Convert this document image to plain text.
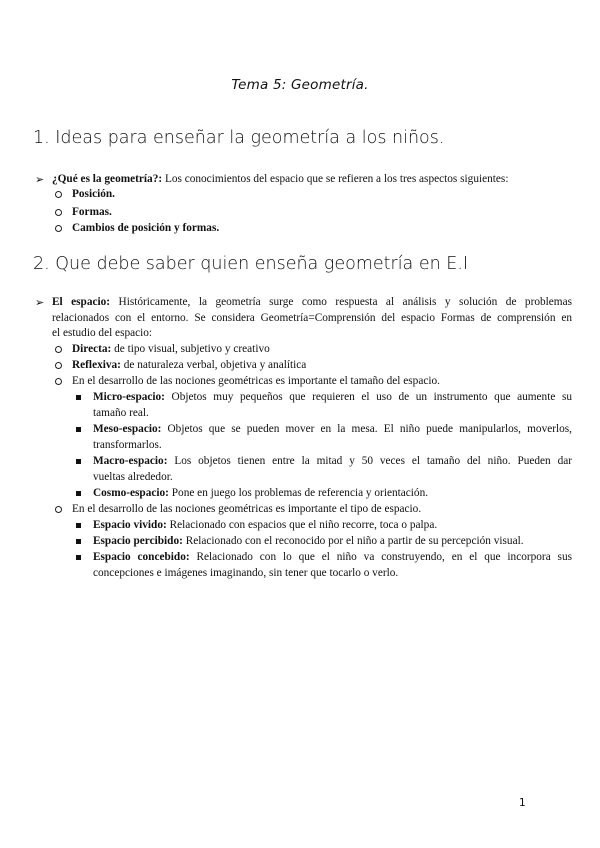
Tema 5: Geometría.
1. Ideas para enseñar la geometría a los niños.
➢ ¿Qué es la geometría?: Los conocimientos del espacio que se refieren a los tres aspectos siguientes:
Posición.
Formas.
Cambios de posición y formas.
2. Que debe saber quien enseña geometría en E.I
➢ El espacio: Históricamente, la geometría surge como respuesta al análisis y solución de problemas
relacionados con el entorno. Se considera Geometría=Comprensión del espacio Formas de comprensión en
el estudio del espacio:
Directa: de tipo visual, subjetivo y creativo
Reflexiva: de naturaleza verbal, objetiva y analítica
En el desarrollo de las nociones geométricas es importante el tamaño del espacio.
Micro-espacio: Objetos muy pequeños que requieren el uso de un instrumento que aumente su
tamaño real.
Meso-espacio: Objetos que se pueden mover en la mesa. El niño puede manipularlos, moverlos,
transformarlos.
Macro-espacio: Los objetos tienen entre la mitad y 50 veces el tamaño del niño. Pueden dar
vueltas alrededor.
Cosmo-espacio: Pone en juego los problemas de referencia y orientación.
En el desarrollo de las nociones geométricas es importante el tipo de espacio.
Espacio vivido: Relacionado con espacios que el niño recorre, toca o palpa.
Espacio percibido: Relacionado con el reconocido por el niño a partir de su percepción visual.
Espacio concebido: Relacionado con lo que el niño va construyendo, en el que incorpora sus
concepciones e imágenes imaginando, sin tener que tocarlo o verlo.
1
